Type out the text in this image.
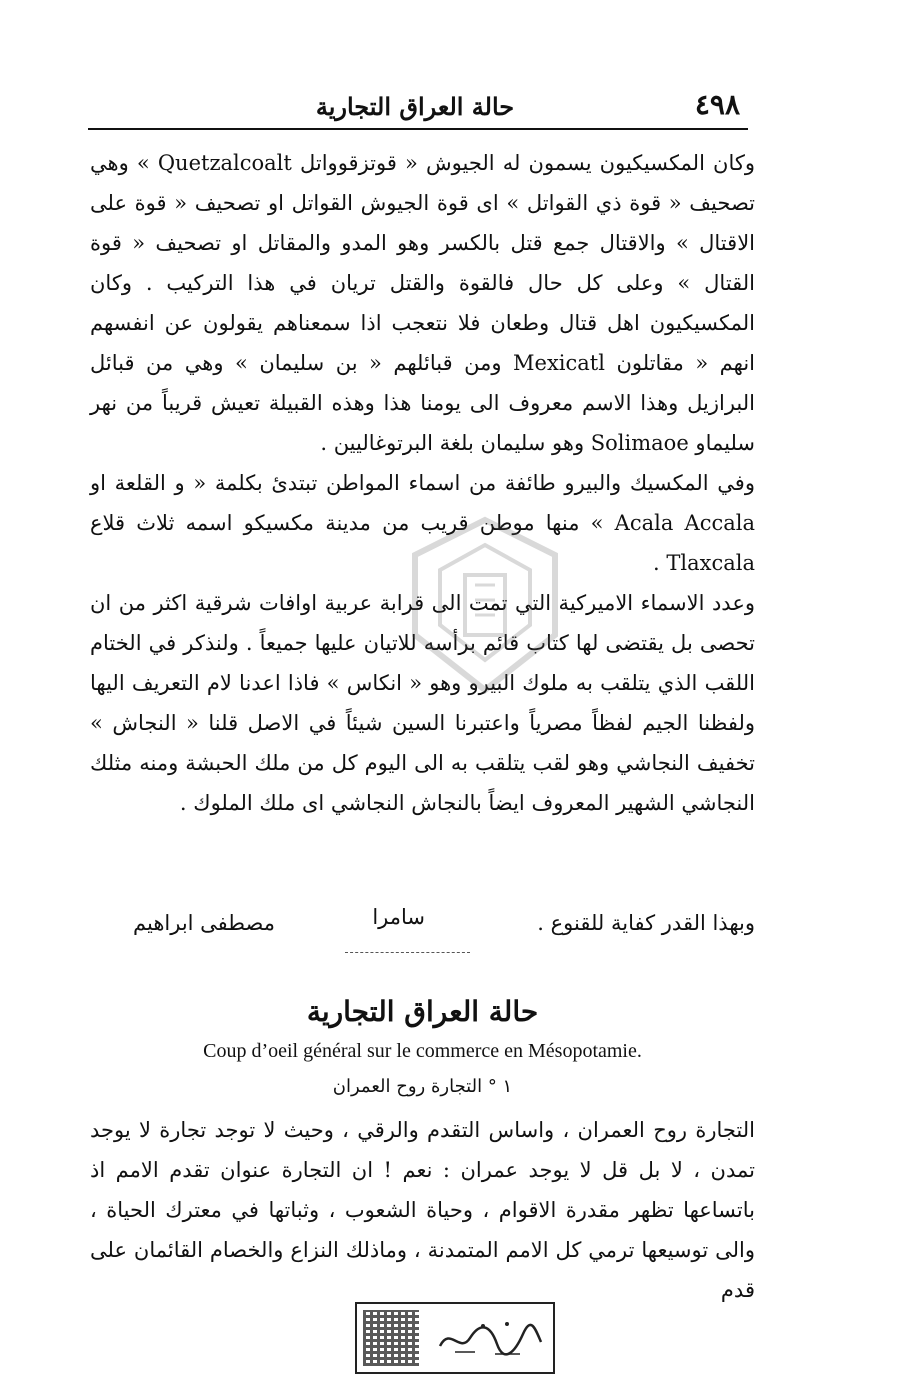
٤٩٨
حالة العراق التجارية

وكان المكسيكيون يسمون له الجيوش « قوتزقوواتل Quetzalcoalt » وهي تصحيف « قوة ذي القواتل » اى قوة الجيوش القواتل او تصحيف « قوة على الاقتال » والاقتال جمع قتل بالكسر وهو المدو والمقاتل او تصحيف « قوة القتال » وعلى كل حال فالقوة والقتل تريان في هذا التركيب . وكان المكسيكيون اهل قتال وطعان فلا نتعجب اذا سمعناهم يقولون عن انفسهم انهم « مقاتلون Mexicatl ومن قبائلهم « بن سليمان » وهي من قبائل البرازيل وهذا الاسم معروف الى يومنا هذا وهذه القبيلة تعيش قريباً من نهر سليماو Solimaoe وهو سليمان بلغة البرتوغاليين .

وفي المكسيك والبيرو طائفة من اسماء المواطن تبتدئ بكلمة « و القلعة او Acala Accala » منها موطن قريب من مدينة مكسيكو اسمه ثلاث قلاع Tlaxcala .

وعدد الاسماء الاميركية التي تمت الى قرابة عربية اوافات شرقية اكثر من ان تحصى بل يقتضى لها كتاب قائم برأسه للاتيان عليها جميعاً . ولنذكر في الختام اللقب الذي يتلقب به ملوك البيرو وهو « انكاس » فاذا اعدنا لام التعريف اليها ولفظنا الجيم لفظاً مصرياً واعتبرنا السين شيئاً في الاصل قلنا « النجاش » تخفيف النجاشي وهو لقب يتلقب به الى اليوم كل من ملك الحبشة ومنه مثلك النجاشي الشهير المعروف ايضاً بالنجاش النجاشي اى ملك الملوك .

وبهذا القدر كفاية للقنوع .
سامرا
مصطفى ابراهيم
حالة العراق التجارية
Coup d’oeil général sur le commerce en Mésopotamie.
١ ° التجارة روح العمران

التجارة روح العمران ، واساس التقدم والرقي ، وحيث لا توجد تجارة لا يوجد تمدن ، لا بل قل لا يوجد عمران : نعم ! ان التجارة عنوان تقدم الامم اذ باتساعها تظهر مقدرة الاقوام ، وحياة الشعوب ، وثباتها في معترك الحياة ، والى توسيعها ترمي كل الامم المتمدنة ، وماذلك النزاع والخصام القائمان على قدم
